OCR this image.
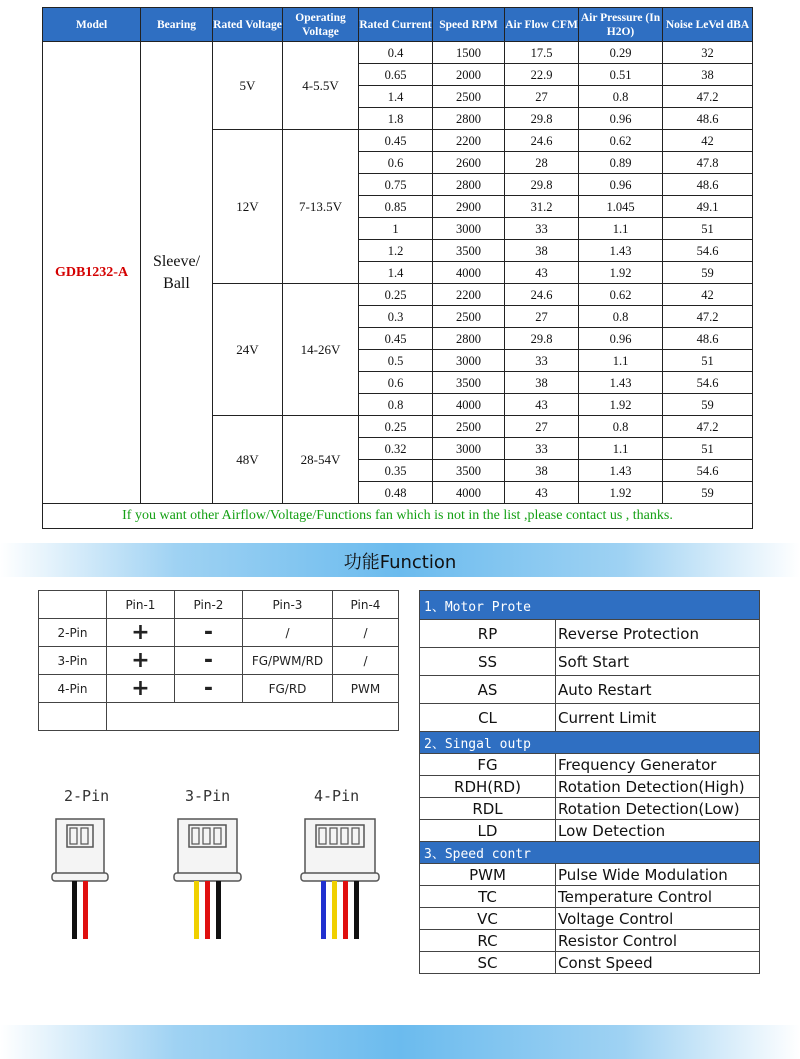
Model	Bearing	Rated Voltage	Operating Voltage	Rated Current	Speed RPM	Air Flow CFM	Air Pressure (In H2O)	Noise LeVel dBA
GDB1232-A	Sleeve/ Ball	5V	4-5.5V	0.4	1500	17.5	0.29	32
				0.65	2000	22.9	0.51	38
				1.4	2500	27	0.8	47.2
				1.8	2800	29.8	0.96	48.6
		12V	7-13.5V	0.45	2200	24.6	0.62	42
				0.6	2600	28	0.89	47.8
				0.75	2800	29.8	0.96	48.6
				0.85	2900	31.2	1.045	49.1
				1	3000	33	1.1	51
				1.2	3500	38	1.43	54.6
				1.4	4000	43	1.92	59
		24V	14-26V	0.25	2200	24.6	0.62	42
				0.3	2500	27	0.8	47.2
				0.45	2800	29.8	0.96	48.6
				0.5	3000	33	1.1	51
				0.6	3500	38	1.43	54.6
				0.8	4000	43	1.92	59
		48V	28-54V	0.25	2500	27	0.8	47.2
				0.32	3000	33	1.1	51
				0.35	3500	38	1.43	54.6
				0.48	4000	43	1.92	59
If you want other Airflow/Voltage/Functions fan which is not in the list ,please contact us , thanks.								
功能Function
	Pin-1	Pin-2	Pin-3	Pin-4
2-Pin	+	-	/	/
3-Pin	+	-	FG/PWM/RD	/
4-Pin	+	-	FG/RD	PWM

1、Motor Prote	
RP	Reverse Protection
SS	Soft Start
AS	Auto Restart
CL	Current Limit
2、Singal outp	
FG	Frequency Generator
RDH(RD)	Rotation Detection(High)
RDL	Rotation Detection(Low)
LD	Low Detection
3、Speed contr	
PWM	Pulse Wide Modulation
TC	Temperature Control
VC	Voltage Control
RC	Resistor Control
SC	Const Speed
2-Pin	3-Pin	4-Pin
